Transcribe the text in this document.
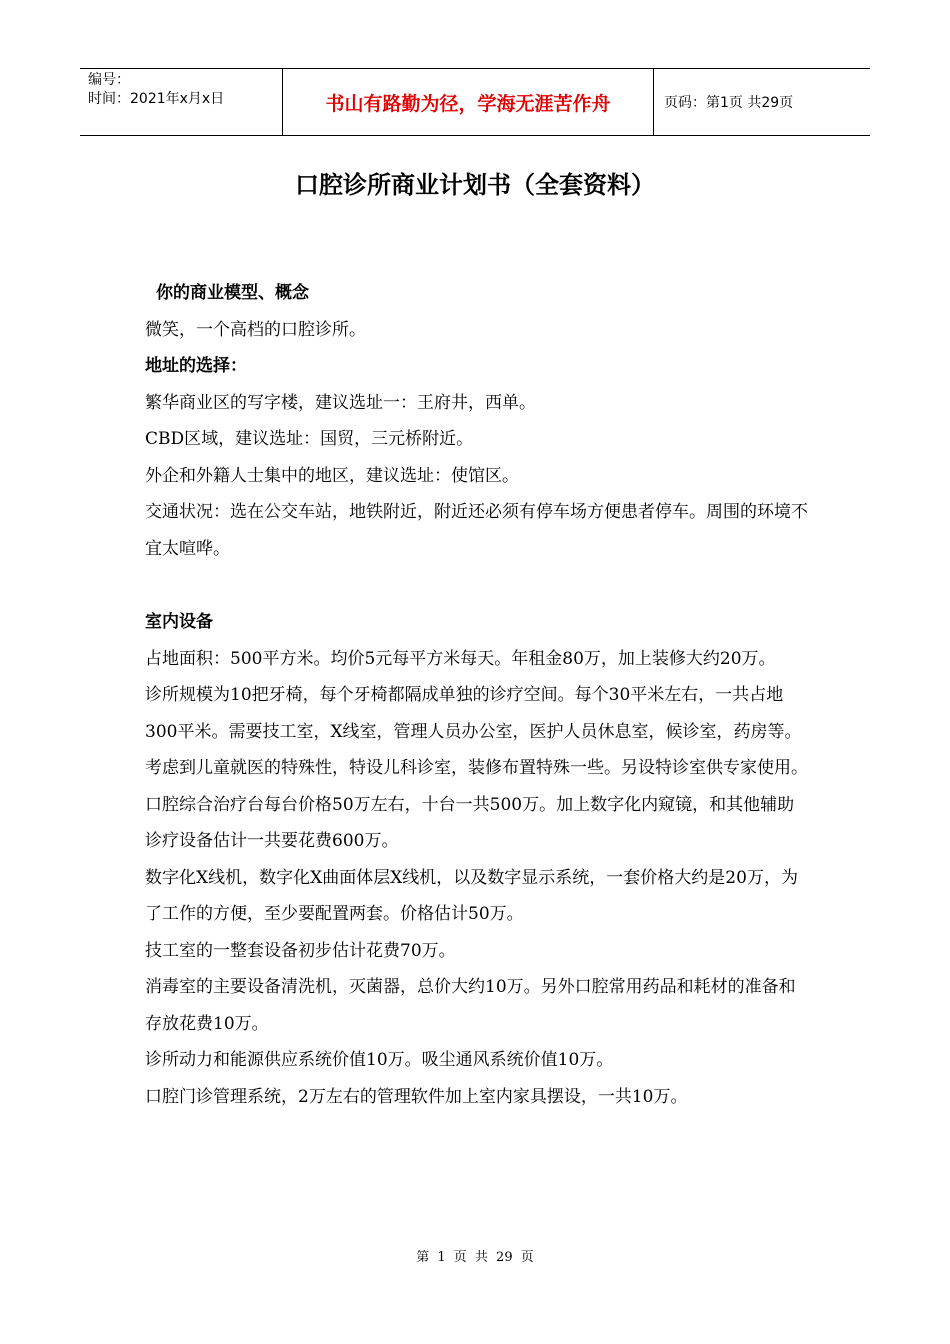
编号：
时间：2021年x月x日	书山有路勤为径，学海无涯苦作舟	页码：第1页 共29页
口腔诊所商业计划书（全套资料）

你的商业模型、概念

微笑，一个高档的口腔诊所。

地址的选择：

繁华商业区的写字楼，建议选址一：王府井，西单。

CBD区域，建议选址：国贸，三元桥附近。

外企和外籍人士集中的地区，建议选址：使馆区。

交通状况：选在公交车站，地铁附近，附近还必须有停车场方便患者停车。周围的环境不宜太喧哗。

室内设备

占地面积：500平方米。均价5元每平方米每天。年租金80万，加上装修大约20万。

诊所规模为10把牙椅，每个牙椅都隔成单独的诊疗空间。每个30平米左右，一共占地300平米。需要技工室，X线室，管理人员办公室，医护人员休息室，候诊室，药房等。

考虑到儿童就医的特殊性，特设儿科诊室，装修布置特殊一些。另设特诊室供专家使用。

口腔综合治疗台每台价格50万左右，十台一共500万。加上数字化内窥镜，和其他辅助诊疗设备估计一共要花费600万。

数字化X线机，数字化X曲面体层X线机，以及数字显示系统，一套价格大约是20万，为了工作的方便，至少要配置两套。价格估计50万。

技工室的一整套设备初步估计花费70万。

消毒室的主要设备清洗机，灭菌器，总价大约10万。另外口腔常用药品和耗材的准备和存放花费10万。

诊所动力和能源供应系统价值10万。吸尘通风系统价值10万。

口腔门诊管理系统，2万左右的管理软件加上室内家具摆设，一共10万。

第 1 页 共 29 页
